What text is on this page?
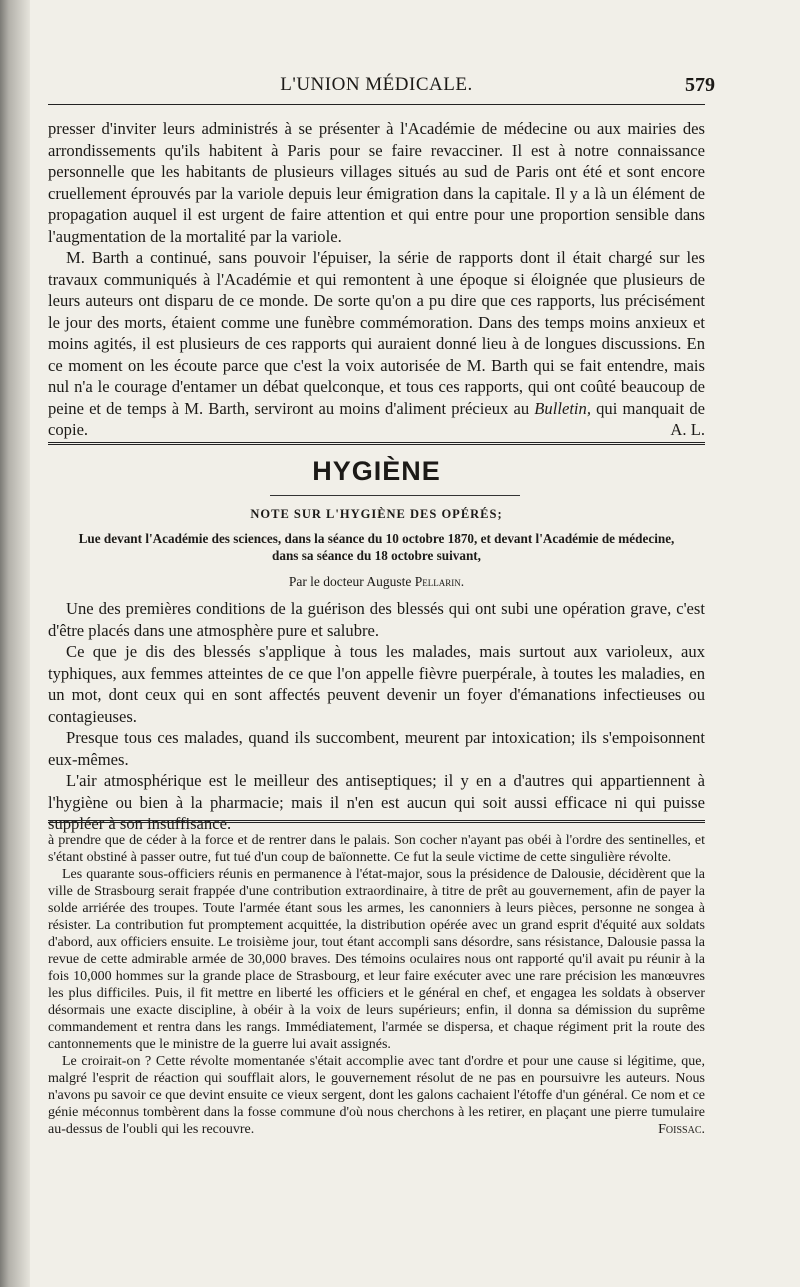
L'UNION MÉDICALE.	579

presser d'inviter leurs administrés à se présenter à l'Académie de médecine ou aux mairies des arrondissements qu'ils habitent à Paris pour se faire revacciner. Il est à notre connaissance personnelle que les habitants de plusieurs villages situés au sud de Paris ont été et sont encore cruellement éprouvés par la variole depuis leur émigration dans la capitale. Il y a là un élément de propagation auquel il est urgent de faire attention et qui entre pour une proportion sensible dans l'augmentation de la mortalité par la variole.

M. Barth a continué, sans pouvoir l'épuiser, la série de rapports dont il était chargé sur les travaux communiqués à l'Académie et qui remontent à une époque si éloignée que plusieurs de leurs auteurs ont disparu de ce monde. De sorte qu'on a pu dire que ces rapports, lus précisément le jour des morts, étaient comme une funèbre commémoration. Dans des temps moins anxieux et moins agités, il est plusieurs de ces rapports qui auraient donné lieu à de longues discussions. En ce moment on les écoute parce que c'est la voix autorisée de M. Barth qui se fait entendre, mais nul n'a le courage d'entamer un débat quelconque, et tous ces rapports, qui ont coûté beaucoup de peine et de temps à M. Barth, serviront au moins d'aliment précieux au Bulletin, qui manquait de copie.	A. L.

HYGIÈNE
NOTE SUR L'HYGIÈNE DES OPÉRÉS;
Lue devant l'Académie des sciences, dans la séance du 10 octobre 1870, et devant l'Académie de médecine,
dans sa séance du 18 octobre suivant,
Par le docteur Auguste Pellarin.

Une des premières conditions de la guérison des blessés qui ont subi une opération grave, c'est d'être placés dans une atmosphère pure et salubre.

Ce que je dis des blessés s'applique à tous les malades, mais surtout aux varioleux, aux typhiques, aux femmes atteintes de ce que l'on appelle fièvre puerpérale, à toutes les maladies, en un mot, dont ceux qui en sont affectés peuvent devenir un foyer d'émanations infectieuses ou contagieuses.

Presque tous ces malades, quand ils succombent, meurent par intoxication; ils s'empoisonnent eux-mêmes.

L'air atmosphérique est le meilleur des antiseptiques; il y en a d'autres qui appartiennent à l'hygiène ou bien à la pharmacie; mais il n'en est aucun qui soit aussi efficace ni qui puisse suppléer à son insuffisance.

à prendre que de céder à la force et de rentrer dans le palais. Son cocher n'ayant pas obéi à l'ordre des sentinelles, et s'étant obstiné à passer outre, fut tué d'un coup de baïonnette. Ce fut la seule victime de cette singulière révolte.

Les quarante sous-officiers réunis en permanence à l'état-major, sous la présidence de Dalousie, décidèrent que la ville de Strasbourg serait frappée d'une contribution extraordinaire, à titre de prêt au gouvernement, afin de payer la solde arriérée des troupes. Toute l'armée étant sous les armes, les canonniers à leurs pièces, personne ne songea à résister. La contribution fut promptement acquittée, la distribution opérée avec un grand esprit d'équité aux soldats d'abord, aux officiers ensuite. Le troisième jour, tout étant accompli sans désordre, sans résistance, Dalousie passa la revue de cette admirable armée de 30,000 braves. Des témoins oculaires nous ont rapporté qu'il avait pu réunir à la fois 10,000 hommes sur la grande place de Strasbourg, et leur faire exécuter avec une rare précision les manœuvres les plus difficiles. Puis, il fit mettre en liberté les officiers et le général en chef, et engagea les soldats à observer désormais une exacte discipline, à obéir à la voix de leurs supérieurs; enfin, il donna sa démission du suprême commandement et rentra dans les rangs. Immédiatement, l'armée se dispersa, et chaque régiment prit la route des cantonnements que le ministre de la guerre lui avait assignés.

Le croirait-on ? Cette révolte momentanée s'était accomplie avec tant d'ordre et pour une cause si légitime, que, malgré l'esprit de réaction qui soufflait alors, le gouvernement résolut de ne pas en poursuivre les auteurs. Nous n'avons pu savoir ce que devint ensuite ce vieux sergent, dont les galons cachaient l'étoffe d'un général. Ce nom et ce génie méconnus tombèrent dans la fosse commune d'où nous cherchons à les retirer, en plaçant une pierre tumulaire au-dessus de l'oubli qui les recouvre.	Foissac.
